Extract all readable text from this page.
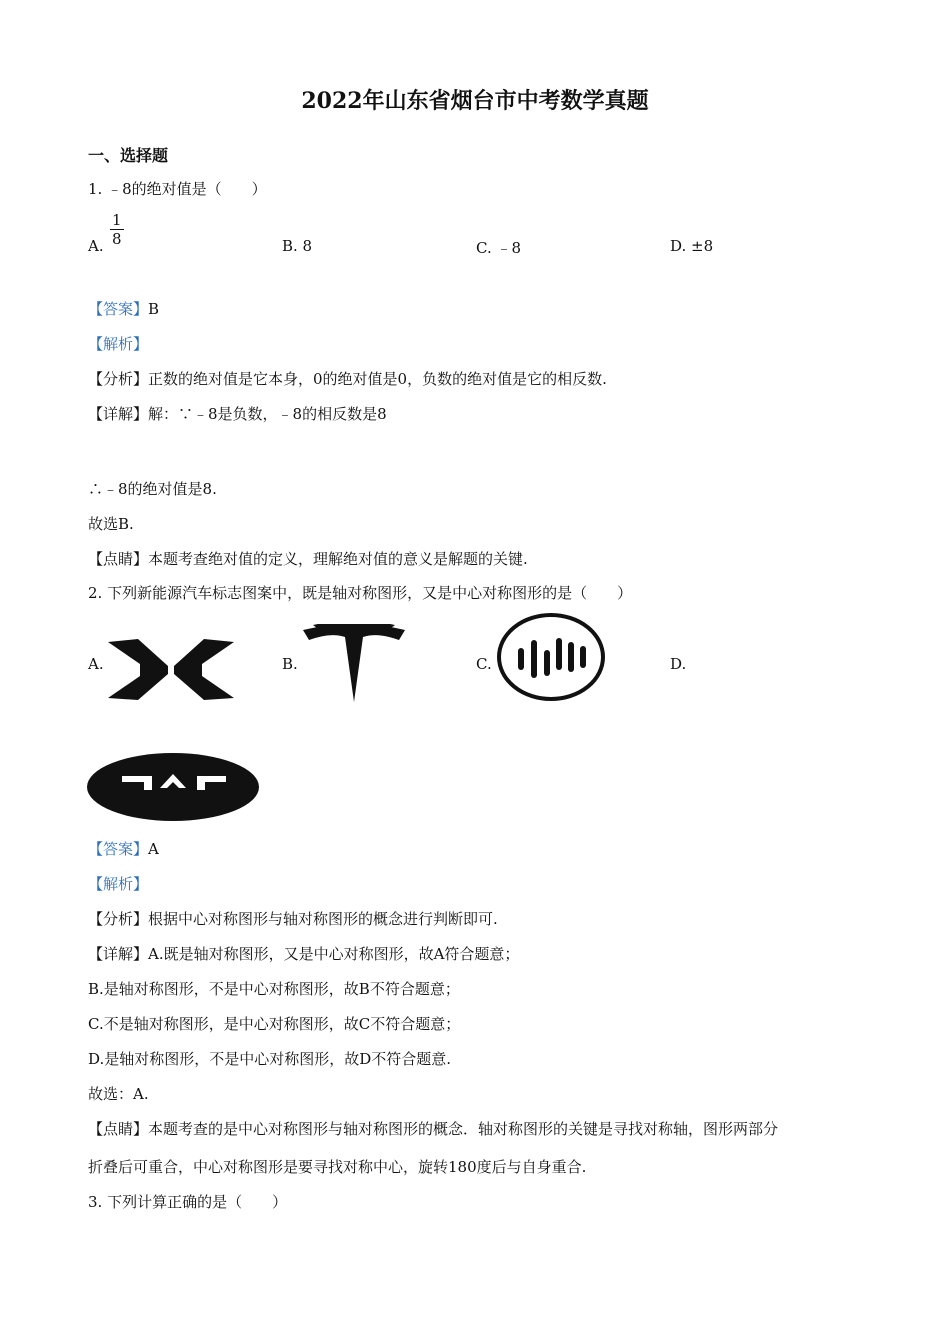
2022年山东省烟台市中考数学真题
一、选择题
1. ﹣8的绝对值是（　　）
A. $\frac{1}{8}$	B. 8	C. ﹣8	D. ±8
【答案】B
【解析】
【分析】正数的绝对值是它本身，0的绝对值是0，负数的绝对值是它的相反数.
【详解】解：∵﹣8是负数，﹣8的相反数是8
∴﹣8的绝对值是8.
故选B.
【点睛】本题考查绝对值的定义，理解绝对值的意义是解题的关键.
2. 下列新能源汽车标志图案中，既是轴对称图形，又是中心对称图形的是（　　）
A.	B.	C.	D.
【答案】A
【解析】
【分析】根据中心对称图形与轴对称图形的概念进行判断即可.
【详解】A.既是轴对称图形，又是中心对称图形，故A符合题意；
B.是轴对称图形，不是中心对称图形，故B不符合题意；
C.不是轴对称图形，是中心对称图形，故C不符合题意；
D.是轴对称图形，不是中心对称图形，故D不符合题意.
故选：A.
【点睛】本题考查的是中心对称图形与轴对称图形的概念．轴对称图形的关键是寻找对称轴，图形两部分
折叠后可重合，中心对称图形是要寻找对称中心，旋转180度后与自身重合.
3. 下列计算正确的是（　　）
